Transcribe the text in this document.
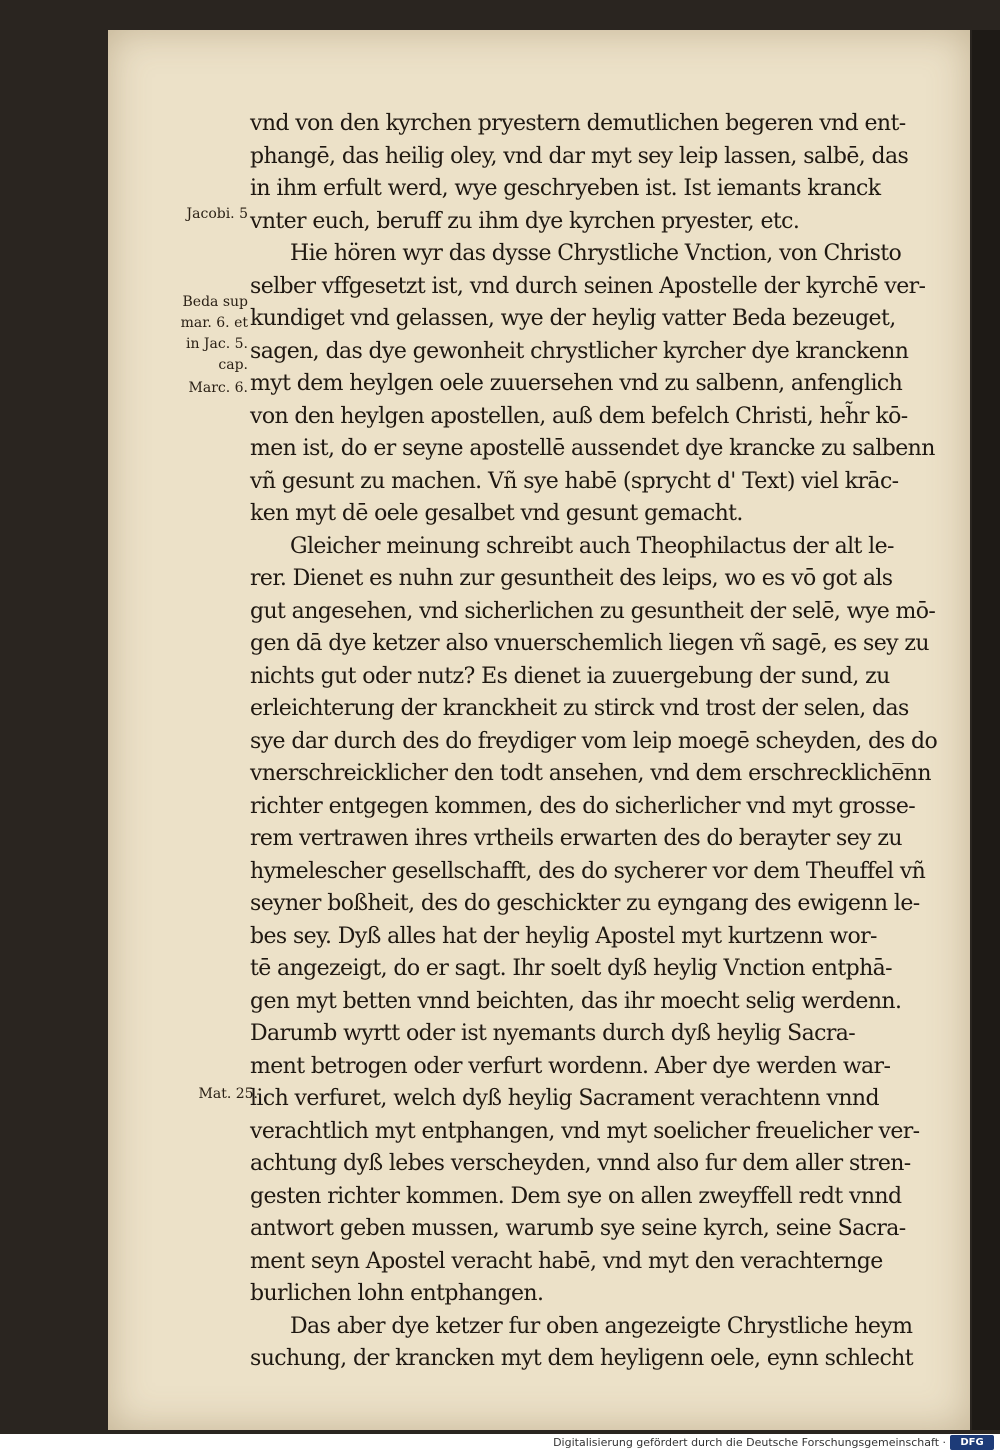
Jacobi. 5
Beda sup
mar. 6. et
in Jac. 5.
cap.
Marc. 6.
Mat. 25.
vnd von den kyrchen pryestern demutlichen begeren vnd ent-
phangē, das heilig oley, vnd dar myt sey leip lassen, salbē, das
in ihm erfult werd, wye geschryeben ist. Ist iemants kranck
vnter euch, beruff zu ihm dye kyrchen pryester, etc.
Hie hören wyr das dysse Chrystliche Vnction, von Christo
selber vffgesetzt ist, vnd durch seinen Apostelle der kyrchē ver-
kundiget vnd gelassen, wye der heylig vatter Beda bezeuget,
sagen, das dye gewonheit chrystlicher kyrcher dye kranckenn
myt dem heylgen oele zuuersehen vnd zu salbenn, anfenglich
von den heylgen apostellen, auß dem befelch Christi, heh̃r kō-
men ist, do er seyne apostellē aussendet dye krancke zu salbenn
vñ gesunt zu machen. Vñ sye habē (sprycht d' Text) viel krāc-
ken myt dē oele gesalbet vnd gesunt gemacht.
Gleicher meinung schreibt auch Theophilactus der alt le-
rer. Dienet es nuhn zur gesuntheit des leips, wo es vō got als
gut angesehen, vnd sicherlichen zu gesuntheit der selē, wye mō-
gen dā dye ketzer also vnuerschemlich liegen vñ sagē, es sey zu
nichts gut oder nutz? Es dienet ia zuuergebung der sund, zu
erleichterung der kranckheit zu stirck vnd trost der selen, das
sye dar durch des do freydiger vom leip moegē scheyden, des do
vnerschreicklicher den todt ansehen, vnd dem erschreckliche̅nn
richter entgegen kommen, des do sicherlicher vnd myt grosse-
rem vertrawen ihres vrtheils erwarten des do berayter sey zu
hymelescher gesellschafft, des do sycherer vor dem Theuffel vñ
seyner boßheit, des do geschickter zu eyngang des ewigenn le-
bes sey. Dyß alles hat der heylig Apostel myt kurtzenn wor-
tē angezeigt, do er sagt. Ihr soelt dyß heylig Vnction entphā-
gen myt betten vnnd beichten, das ihr moecht selig werdenn.
Darumb wyrtt oder ist nyemants durch dyß heylig Sacra-
ment betrogen oder verfurt wordenn. Aber dye werden war-
lich verfuret, welch dyß heylig Sacrament verachtenn vnnd
verachtlich myt entphangen, vnd myt soelicher freuelicher ver-
achtung dyß lebes verscheyden, vnnd also fur dem aller stren-
gesten richter kommen. Dem sye on allen zweyffell redt vnnd
antwort geben mussen, warumb sye seine kyrch, seine Sacra-
ment seyn Apostel veracht habē, vnd myt den verachternge
burlichen lohn entphangen.
Das aber dye ketzer fur oben angezeigte Chrystliche heym
suchung, der krancken myt dem heyligenn oele, eynn schlecht
Digitalisierung gefördert durch die Deutsche Forschungsgemeinschaft ·	DFG
